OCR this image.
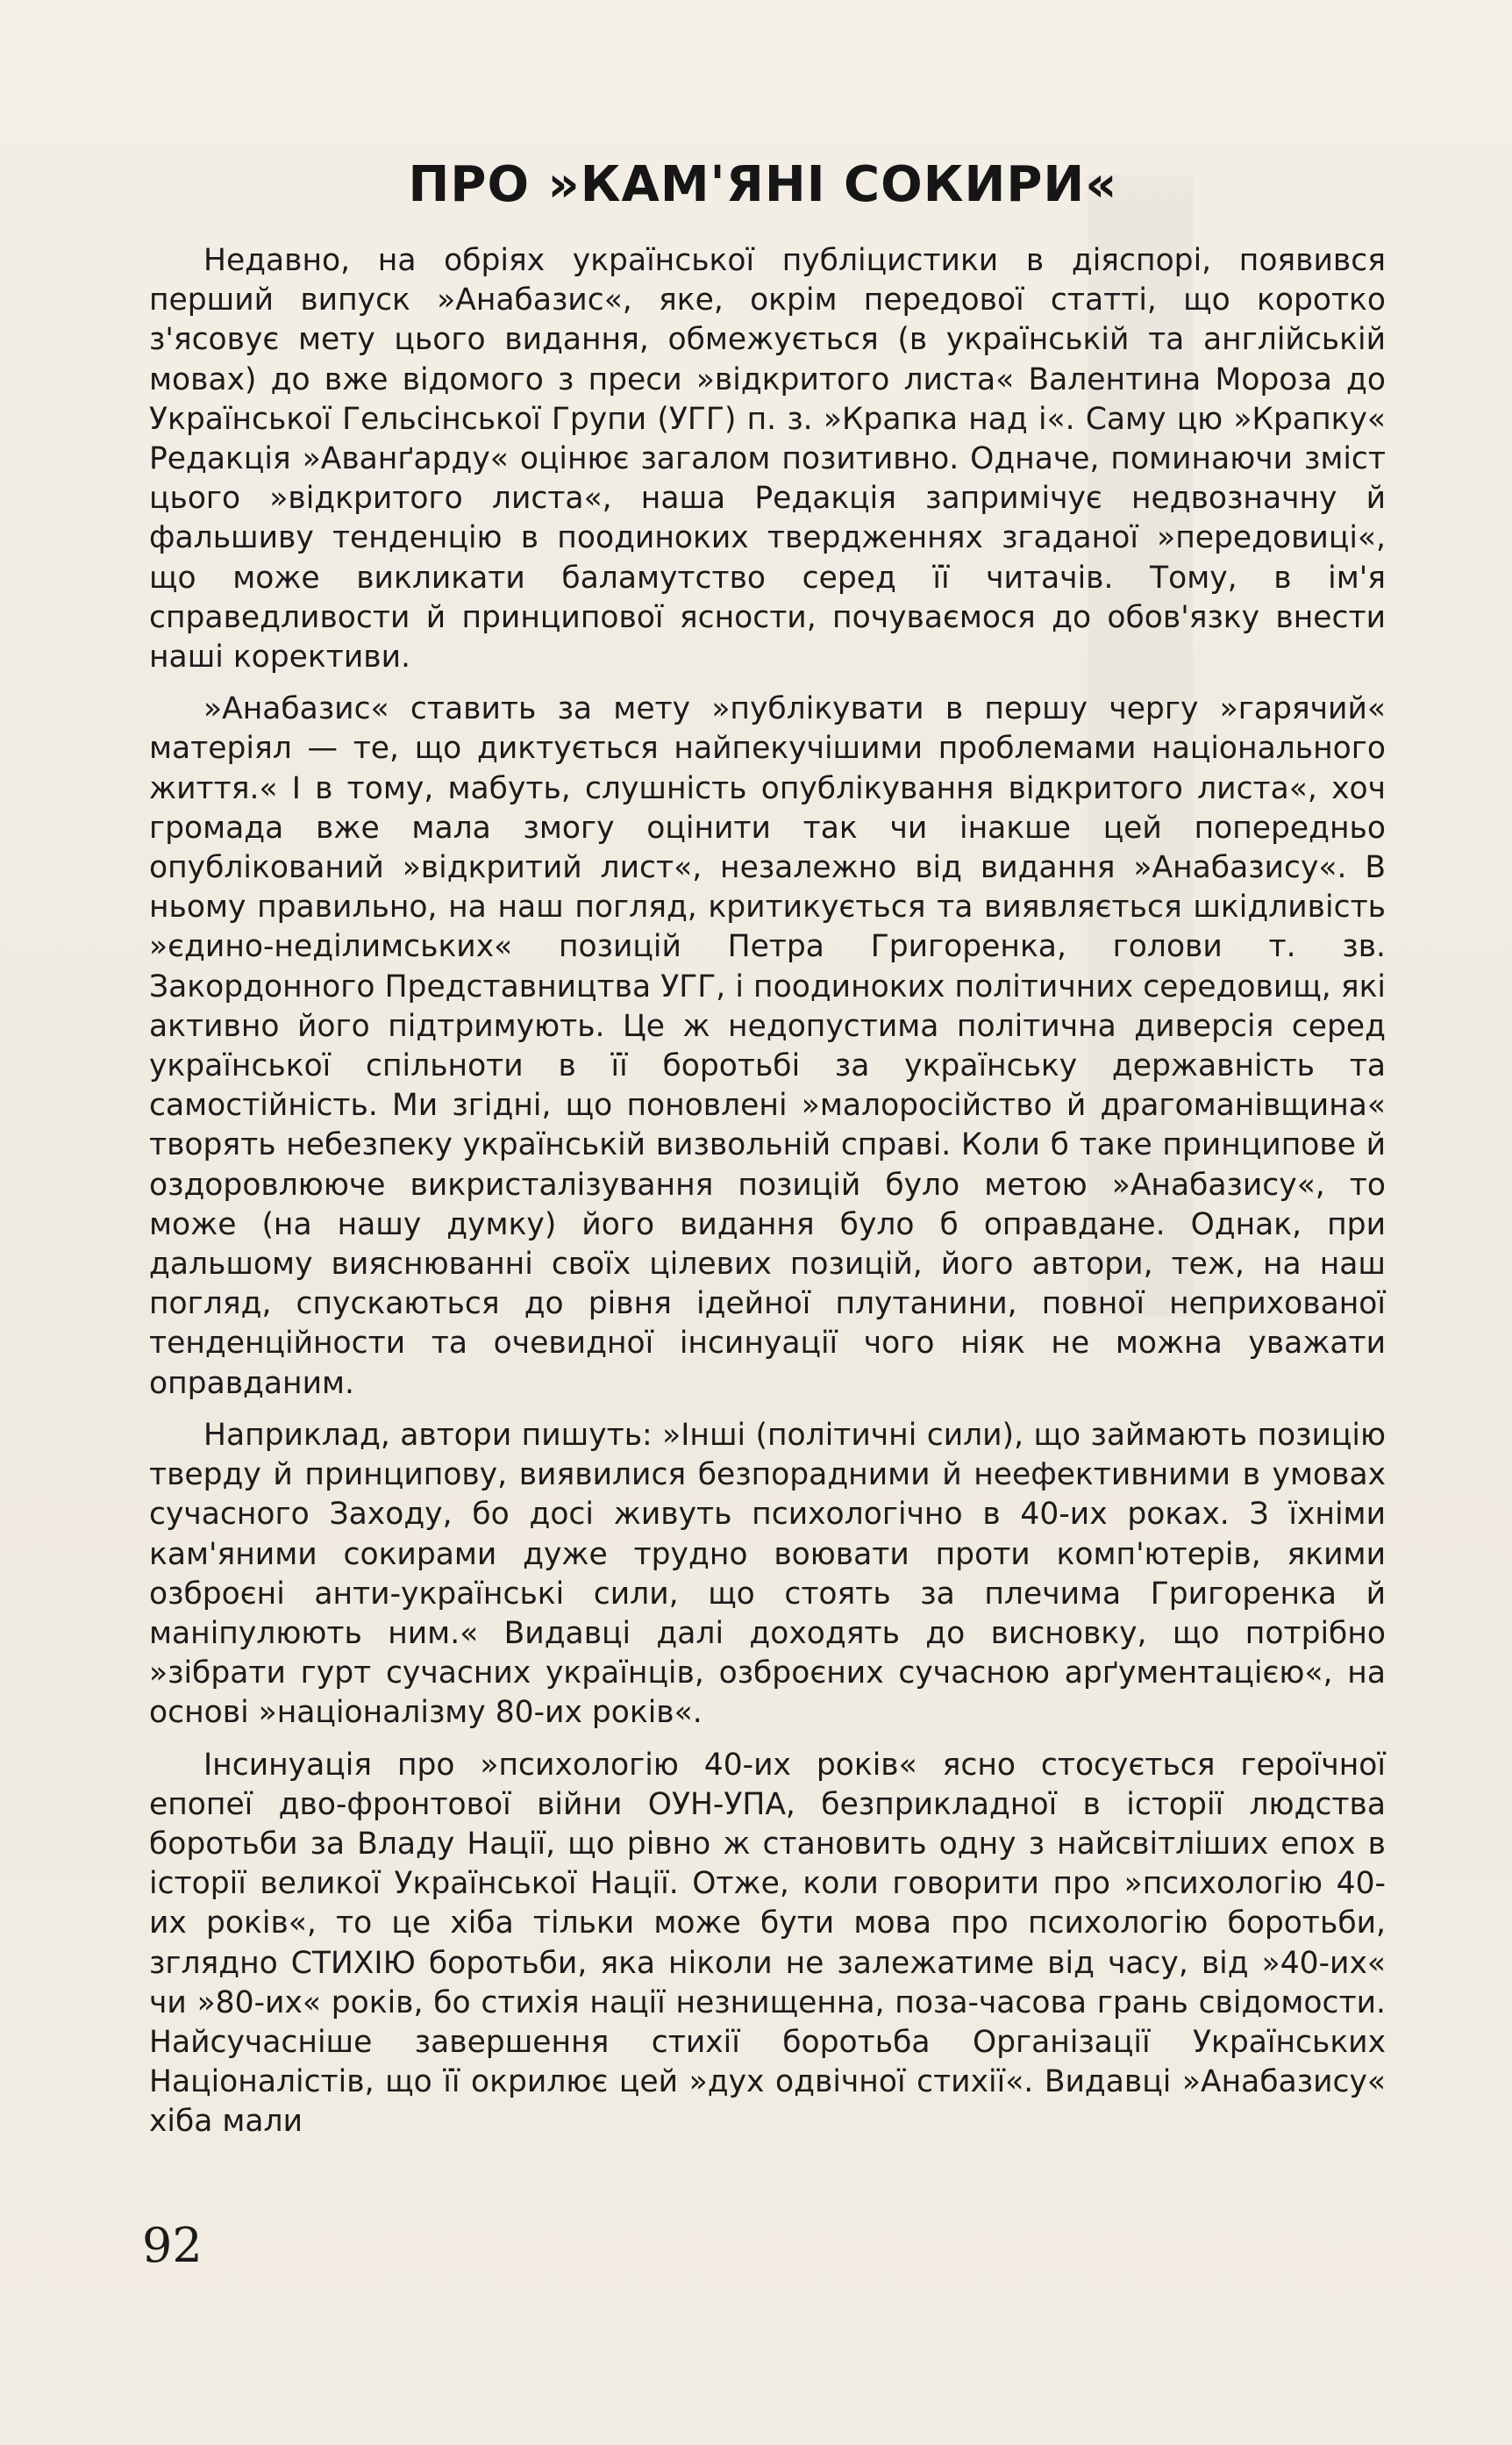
ПРО »КАМ'ЯНІ СОКИРИ«

Недавно, на обріях української публіцистики в діяспорі, появився перший випуск »Анабазис«, яке, окрім передової статті, що коротко з'ясовує мету цього видання, обмежується (в українській та англійській мовах) до вже відомого з преси »відкритого листа« Валентина Мороза до Української Гельсінської Групи (УГГ) п. з. »Крапка над і«. Саму цю »Крапку« Редакція »Аванґарду« оцінює загалом позитивно. Одначе, поминаючи зміст цього »відкритого листа«, наша Редакція запримічує недвозначну й фальшиву тенденцію в поодиноких твердженнях згаданої »передовиці«, що може викликати баламутство серед її читачів. Тому, в ім'я справедливости й принципової ясности, почуваємося до обов'язку внести наші корективи.

»Анабазис« ставить за мету »публікувати в першу чергу »гарячий« матеріял — те, що диктується найпекучішими проблемами національного життя.« І в тому, мабуть, слушність опублікування відкритого листа«, хоч громада вже мала змогу оцінити так чи інакше цей попередньо опублікований »відкритий лист«, незалежно від видання »Анабазису«. В ньому правильно, на наш погляд, критикується та виявляється шкідливість »єдино-неділимських« позицій Петра Григоренка, голови т. зв. Закордонного Представництва УГГ, і поодиноких політичних середовищ, які активно його підтримують. Це ж недопустима політична диверсія серед української спільноти в її боротьбі за українську державність та самостійність. Ми згідні, що поновлені »малоросійство й драгоманівщина« творять небезпеку українській визвольній справі. Коли б таке принципове й оздоровлююче викристалізування позицій було метою »Анабазису«, то може (на нашу думку) його видання було б оправдане. Однак, при дальшому вияснюванні своїх цілевих позицій, його автори, теж, на наш погляд, спускаються до рівня ідейної плутанини, повної неприхованої тенденційности та очевидної інсинуації чого ніяк не можна уважати оправданим.

Наприклад, автори пишуть: »Інші (політичні сили), що займають позицію тверду й принципову, виявилися безпорадними й неефективними в умовах сучасного Заходу, бо досі живуть психологічно в 40-их роках. З їхніми кам'яними сокирами дуже трудно воювати проти комп'ютерів, якими озброєні анти-українські сили, що стоять за плечима Григоренка й маніпулюють ним.« Видавці далі доходять до висновку, що потрібно »зібрати гурт сучасних українців, озброєних сучасною арґументацією«, на основі »націоналізму 80-их років«.

Інсинуація про »психологію 40-их років« ясно стосується героїчної епопеї дво-фронтової війни ОУН-УПА, безприкладної в історії людства боротьби за Владу Нації, що рівно ж становить одну з найсвітліших епох в історії великої Української Нації. Отже, коли говорити про »психологію 40-их років«, то це хіба тільки може бути мова про психологію боротьби, зглядно СТИХІЮ боротьби, яка ніколи не залежатиме від часу, від »40-их« чи »80-их« років, бо стихія нації незнищенна, поза-часова грань свідомости. Найсучасніше завершення стихії боротьба Організації Українських Націоналістів, що її окрилює цей »дух одвічної стихії«. Видавці »Анабазису« хіба мали

92
